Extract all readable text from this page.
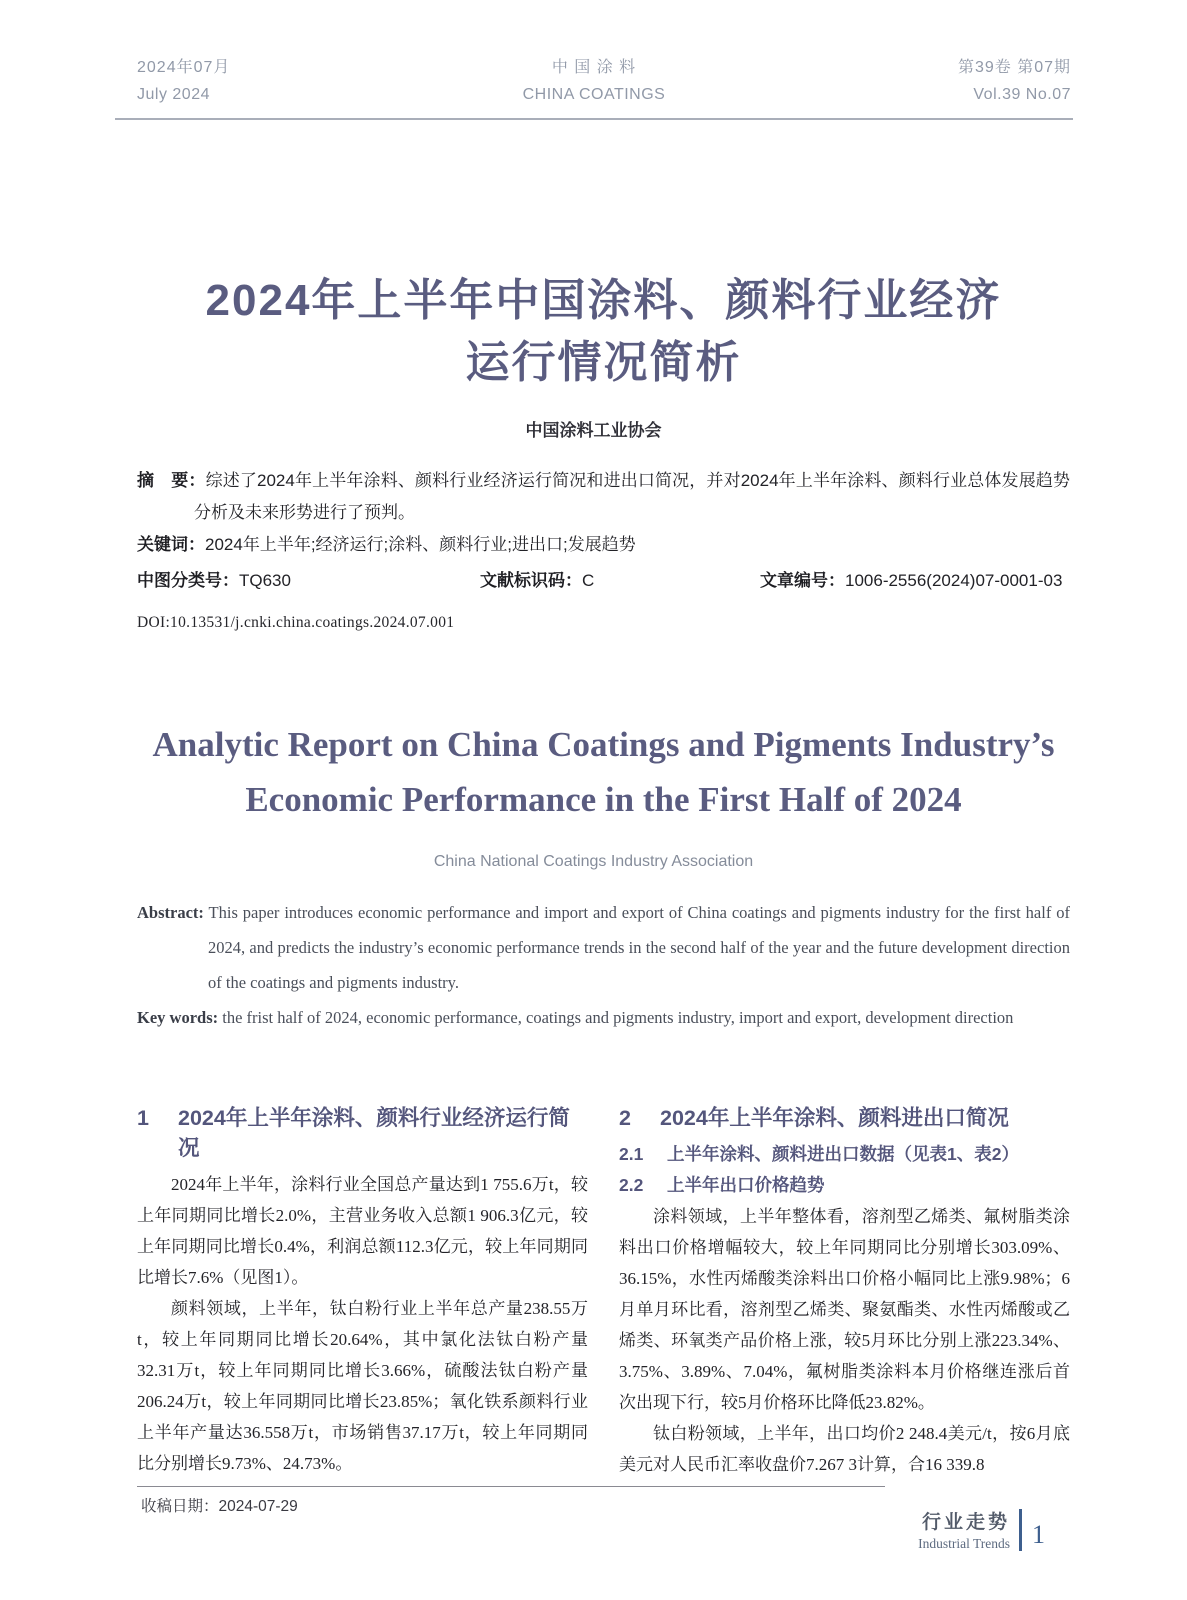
2024年07月
July 2024
中 国 涂 料
CHINA COATINGS
第39卷 第07期
Vol.39 No.07
2024年上半年中国涂料、颜料行业经济
运行情况简析
中国涂料工业协会

摘　要：综述了2024年上半年涂料、颜料行业经济运行简况和进出口简况，并对2024年上半年涂料、颜料行业总体发展趋势分析及未来形势进行了预判。

关键词：2024年上半年;经济运行;涂料、颜料行业;进出口;发展趋势

中图分类号：TQ630	文献标识码：C	文章编号：1006-2556(2024)07-0001-03
DOI:10.13531/j.cnki.china.coatings.2024.07.001
Analytic Report on China Coatings and Pigments Industry’s
Economic Performance in the First Half of 2024
China National Coatings Industry Association

Abstract: This paper introduces economic performance and import and export of China coatings and pigments industry for the first half of 2024, and predicts the industry’s economic performance trends in the second half of the year and the future development direction of the coatings and pigments industry.

Key words: the frist half of 2024, economic performance, coatings and pigments industry, import and export, development direction

1	2024年上半年涂料、颜料行业经济运行简况

2024年上半年，涂料行业全国总产量达到1 755.6万t，较上年同期同比增长2.0%，主营业务收入总额1 906.3亿元，较上年同期同比增长0.4%，利润总额112.3亿元，较上年同期同比增长7.6%（见图1）。

颜料领域，上半年，钛白粉行业上半年总产量238.55万t，较上年同期同比增长20.64%，其中氯化法钛白粉产量32.31万t，较上年同期同比增长3.66%，硫酸法钛白粉产量206.24万t，较上年同期同比增长23.85%；氧化铁系颜料行业上半年产量达36.558万t，市场销售37.17万t，较上年同期同比分别增长9.73%、24.73%。

2	2024年上半年涂料、颜料进出口简况
2.1	上半年涂料、颜料进出口数据（见表1、表2）
2.2	上半年出口价格趋势

涂料领域，上半年整体看，溶剂型乙烯类、氟树脂类涂料出口价格增幅较大，较上年同期同比分别增长303.09%、36.15%，水性丙烯酸类涂料出口价格小幅同比上涨9.98%；6月单月环比看，溶剂型乙烯类、聚氨酯类、水性丙烯酸或乙烯类、环氧类产品价格上涨，较5月环比分别上涨223.34%、3.75%、3.89%、7.04%，氟树脂类涂料本月价格继连涨后首次出现下行，较5月价格环比降低23.82%。

钛白粉领域，上半年，出口均价2 248.4美元/t，按6月底美元对人民币汇率收盘价7.267 3计算，合16 339.8

收稿日期：2024-07-29

行业走势
Industrial Trends 1
